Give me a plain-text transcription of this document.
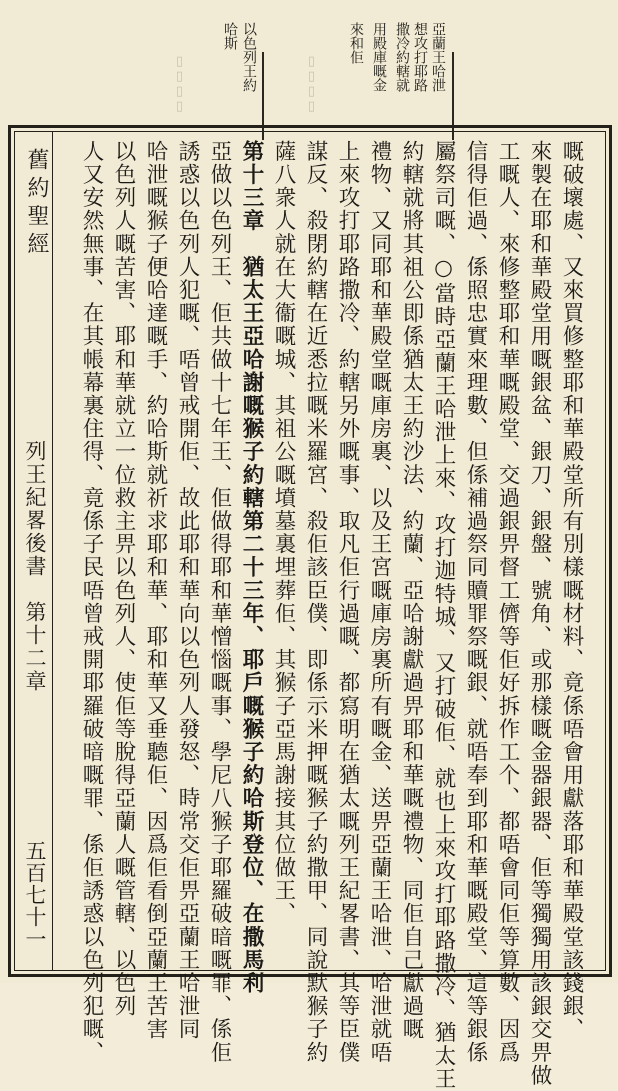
亞蘭王哈泄
想攻打耶路
撒冷約轄就
用殿庫嘅金
來和佢
以色列王約
哈斯
▯▯▯▯	▯▯▯▯
舊約聖經
列王紀畧後書　第十二章
五百七十一	嘅破壞處、又來買修整耶和華殿堂所有別樣嘅材料、竟係唔會用獻落耶和華殿堂該錢銀、
來製在耶和華殿堂用嘅銀盆、銀刀、銀盤、號角、或那樣嘅金器銀器、佢等獨獨用該銀交畀做
工嘅人、來修整耶和華嘅殿堂、交過銀畀督工儕等佢好拆作工个、都唔會同佢等算數、因爲
信得佢過、係照忠實來理數、但係補過祭同贖罪祭嘅銀、就唔奉到耶和華嘅殿堂、這等銀係
屬祭司嘅、○當時亞蘭王哈泄上來、攻打迦特城、又打破佢、就也上來攻打耶路撒冷、猶太王
約轄就將其祖公即係猶太王約沙法、約蘭、亞哈謝獻過畀耶和華嘅禮物、同佢自己獻過嘅
禮物、又同耶和華殿堂嘅庫房裏、以及王宮嘅庫房裏所有嘅金、送畀亞蘭王哈泄、哈泄就唔
上來攻打耶路撒冷、約轄另外嘅事、取凡佢行過嘅、都寫明在猶太嘅列王紀畧書、其等臣僕
謀反、殺閉約轄在近悉拉嘅米羅宮、殺佢該臣僕、即係示米押嘅𤠣子約撒甲、同說默𤠣子約
薩八衆人就在大衞嘅城、其祖公嘅墳墓裏埋葬佢、其𤠣子亞馬謝接其位做王、
第十三章　猶太王亞哈謝嘅𤠣子約轄第二十三年、耶戶嘅𤠣子約哈斯登位、在撒馬利
亞做以色列王、佢共做十七年王、佢做得耶和華憎惱嘅事、學尼八𤠣子耶羅破暗嘅罪、係佢
誘惑以色列人犯嘅、唔曾戒開佢、故此耶和華向以色列人發怒、時常交佢畀亞蘭王哈泄同
哈泄嘅𤠣子便哈達嘅手、約哈斯就祈求耶和華、耶和華又垂聽佢、因爲佢看倒亞蘭王苦害
以色列人嘅苦害、耶和華就立一位救主畀以色列人、使佢等脫得亞蘭人嘅管轄、以色列
人又安然無事、在其帳幕裏住得、竟係子民唔曾戒開耶羅破暗嘅罪、係佢誘惑以色列犯嘅、
